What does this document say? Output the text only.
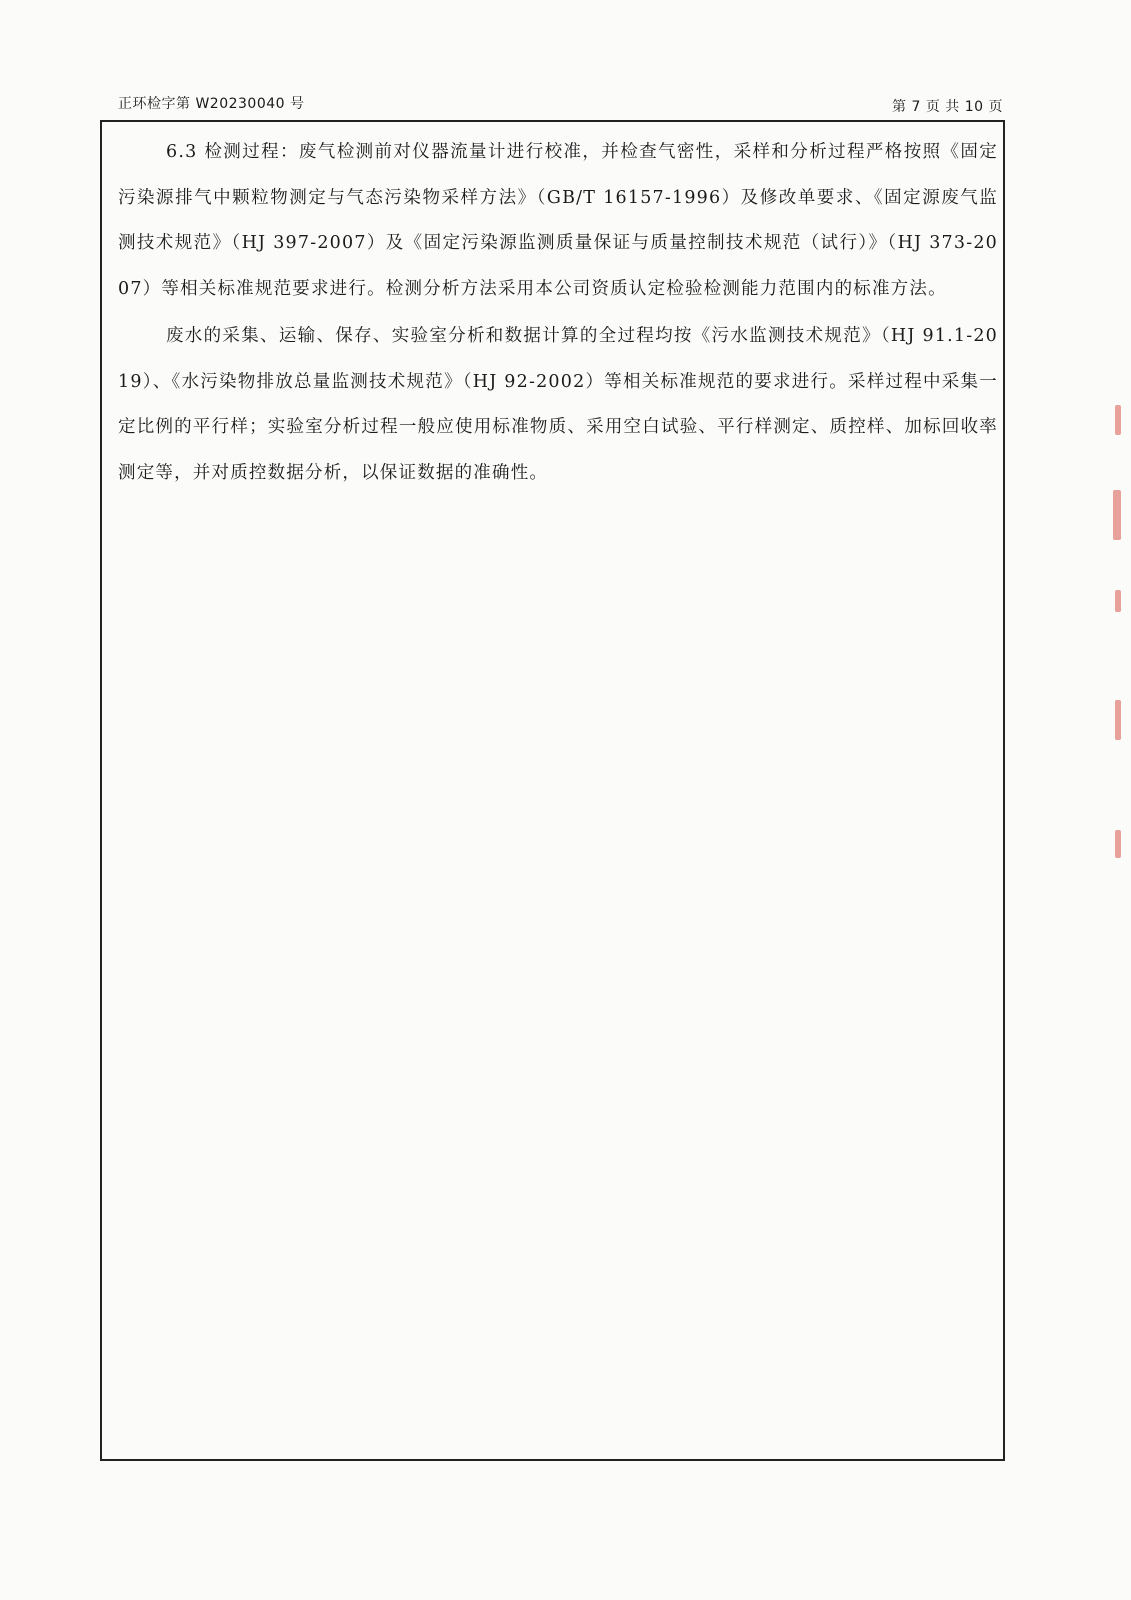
正环检字第 W20230040 号	第 7 页 共 10 页

6.3 检测过程：废气检测前对仪器流量计进行校准，并检查气密性，采样和分析过程严格按照《固定污染源排气中颗粒物测定与气态污染物采样方法》（GB/T 16157-1996）及修改单要求、《固定源废气监测技术规范》（HJ 397-2007）及《固定污染源监测质量保证与质量控制技术规范（试行）》（HJ 373-2007）等相关标准规范要求进行。检测分析方法采用本公司资质认定检验检测能力范围内的标准方法。

废水的采集、运输、保存、实验室分析和数据计算的全过程均按《污水监测技术规范》（HJ 91.1-2019）、《水污染物排放总量监测技术规范》（HJ 92-2002）等相关标准规范的要求进行。采样过程中采集一定比例的平行样；实验室分析过程一般应使用标准物质、采用空白试验、平行样测定、质控样、加标回收率测定等，并对质控数据分析，以保证数据的准确性。
